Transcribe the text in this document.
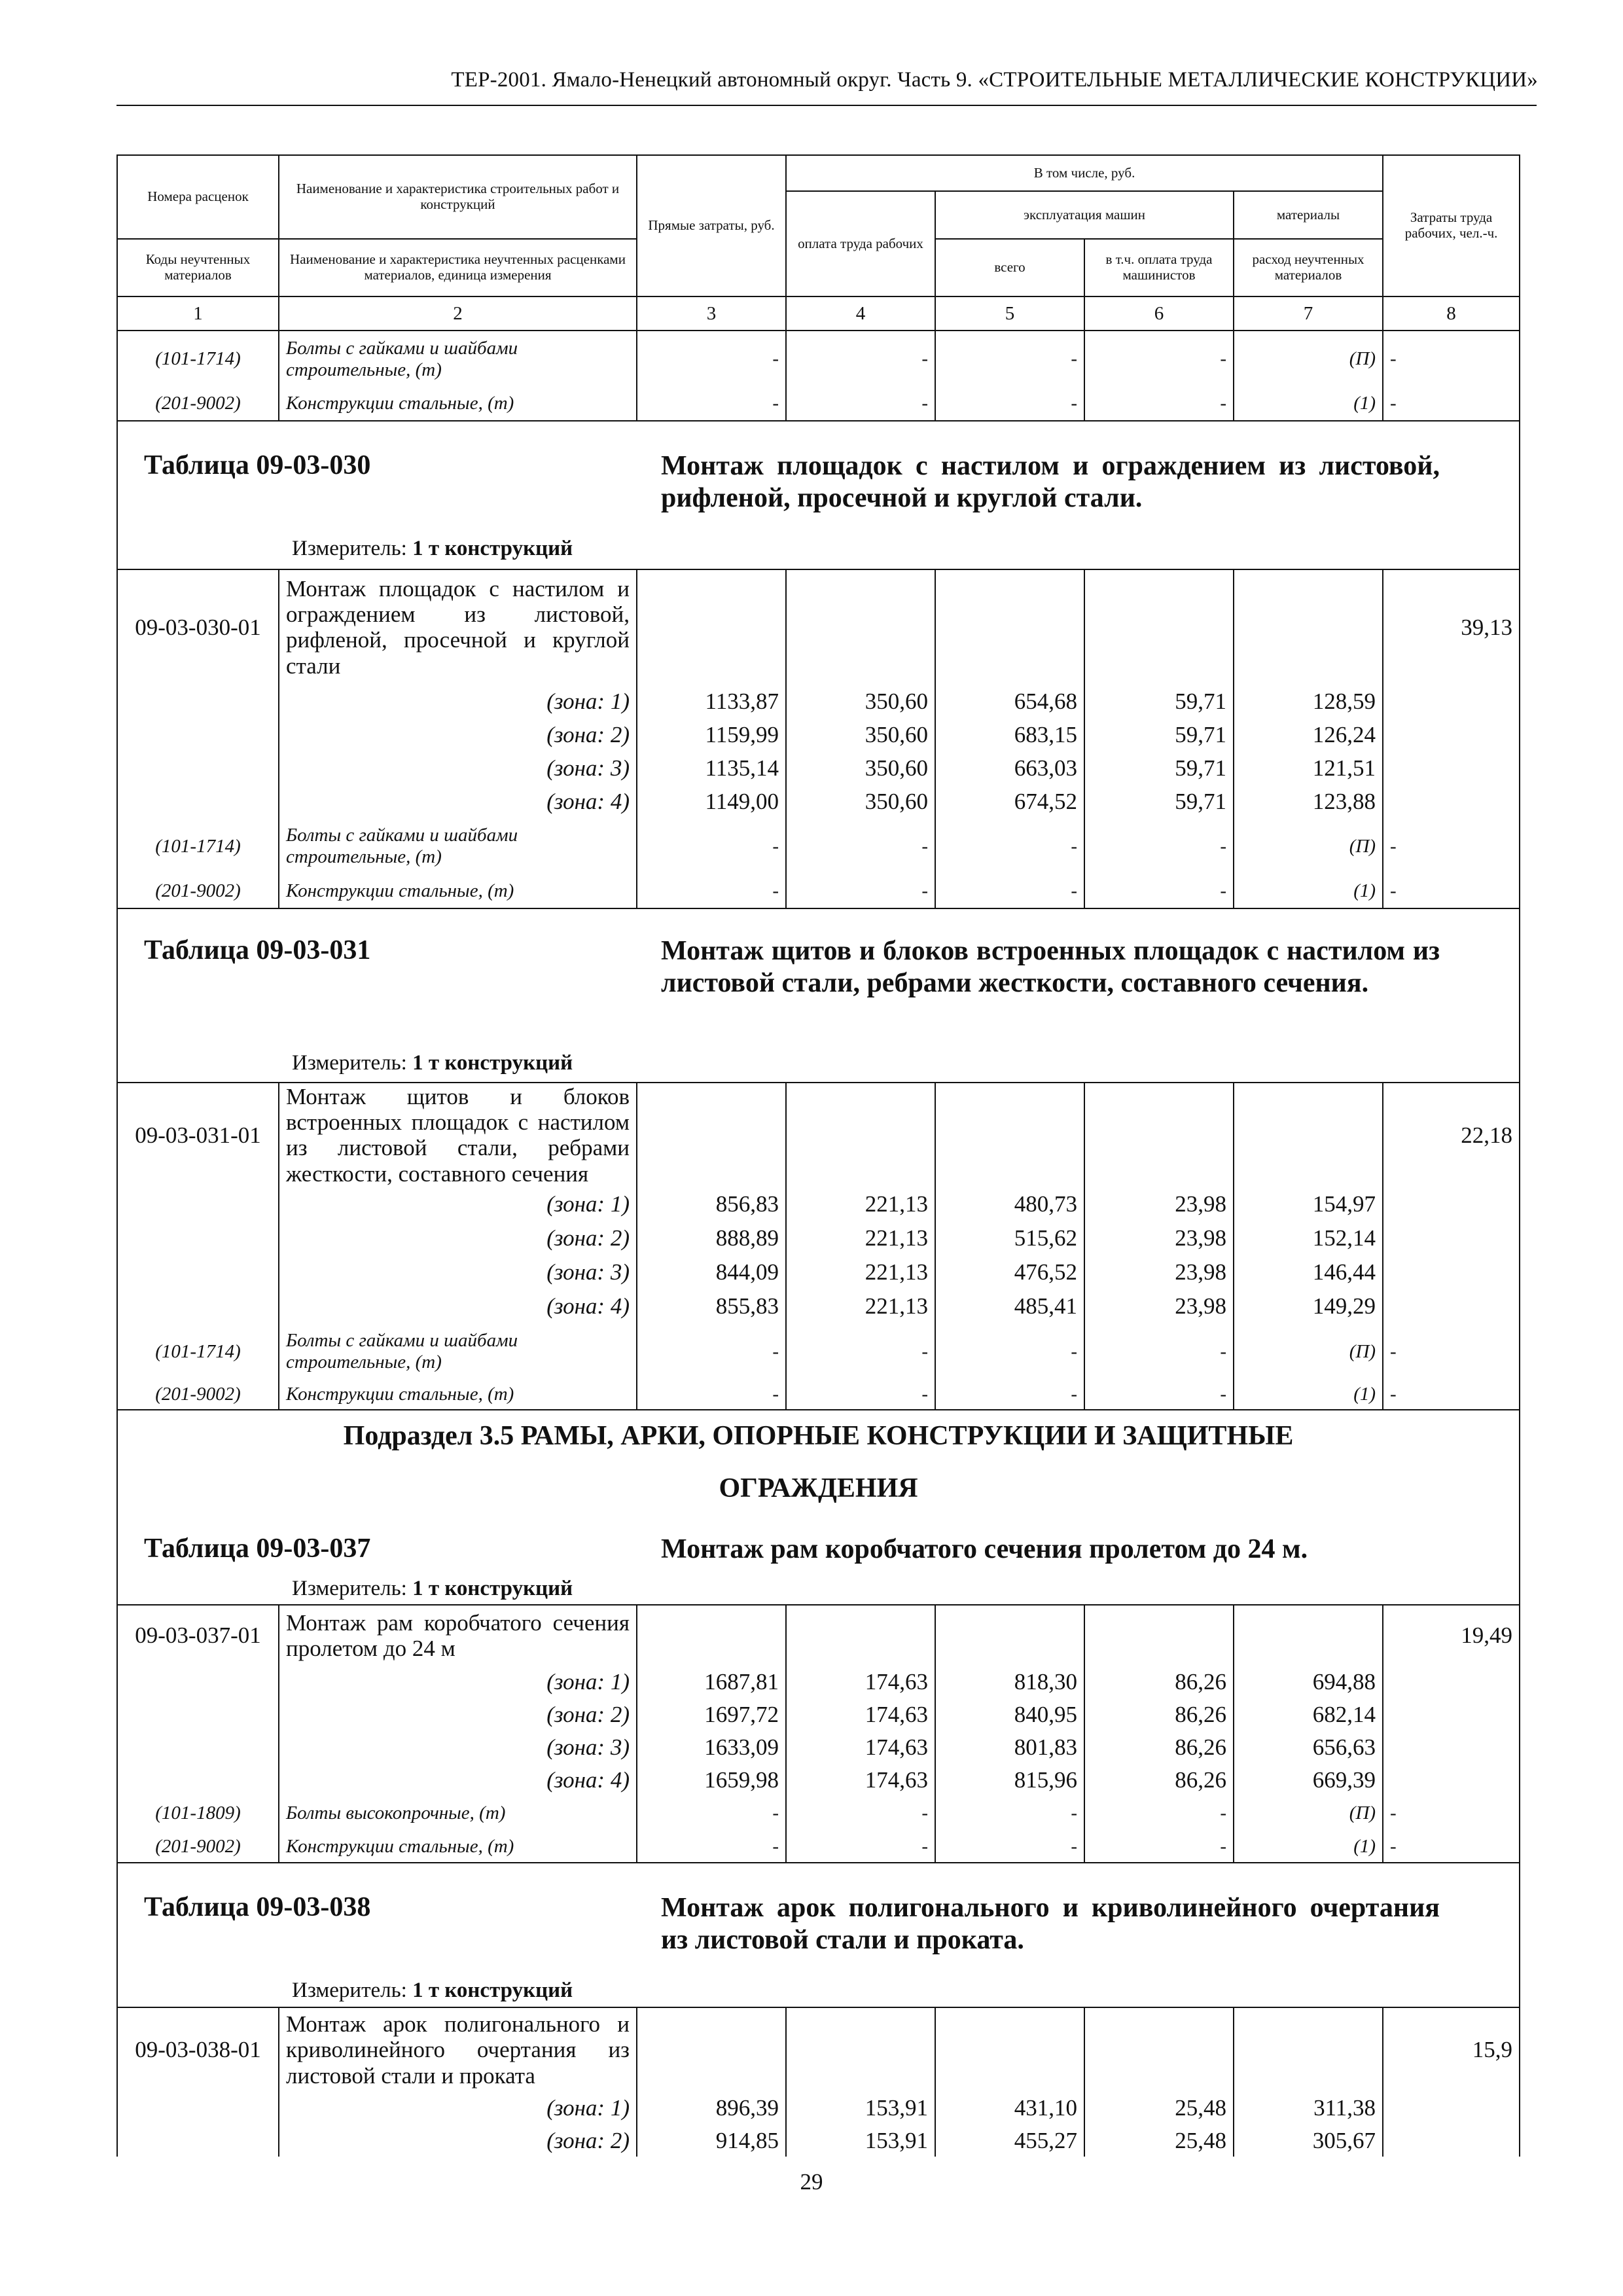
ТЕР-2001. Ямало-Ненецкий автономный округ. Часть 9. «СТРОИТЕЛЬНЫЕ МЕТАЛЛИЧЕСКИЕ КОНСТРУКЦИИ»
Номера расценок	Наименование и характеристика строительных работ и конструкций	Прямые затраты, руб.	В том числе, руб.				Затраты труда рабочих, чел.-ч.
			оплата труда рабочих	эксплуатация машин		материалы	
Коды неучтенных материалов	Наименование и характеристика неучтенных расценками материалов, единица измерения			всего	в т.ч. оплата труда машинистов	расход неучтенных материалов	
1	2	3	4	5	6	7	8
(101-1714)	Болты с гайками и шайбами строительные, (т)	-	-	-	-	(П)	-
(201-9002)	Конструкции стальные, (т)	-	-	-	-	(1)	-

Таблица 09-03-030 Монтаж площадок с настилом и ограждением из листовой, рифленой, просечной и круглой стали.
Измеритель: 1 т конструкций							

09-03-030-01	Монтаж площадок с настилом и ограждением из листовой, рифленой, просечной и круглой стали						39,13
	(зона: 1)	1133,87	350,60	654,68	59,71	128,59	
	(зона: 2)	1159,99	350,60	683,15	59,71	126,24	
	(зона: 3)	1135,14	350,60	663,03	59,71	121,51	
	(зона: 4)	1149,00	350,60	674,52	59,71	123,88	
(101-1714)	Болты с гайками и шайбами строительные, (т)	-	-	-	-	(П)	-
(201-9002)	Конструкции стальные, (т)	-	-	-	-	(1)	-

Таблица 09-03-031 Монтаж щитов и блоков встроенных площадок с настилом из листовой стали, ребрами жесткости, составного сечения.
Измеритель: 1 т конструкций							

09-03-031-01	Монтаж щитов и блоков встроенных площадок с настилом из листовой стали, ребрами жесткости, составного сечения						22,18
	(зона: 1)	856,83	221,13	480,73	23,98	154,97	
	(зона: 2)	888,89	221,13	515,62	23,98	152,14	
	(зона: 3)	844,09	221,13	476,52	23,98	146,44	
	(зона: 4)	855,83	221,13	485,41	23,98	149,29	
(101-1714)	Болты с гайками и шайбами строительные, (т)	-	-	-	-	(П)	-
(201-9002)	Конструкции стальные, (т)	-	-	-	-	(1)	-

Подраздел 3.5 РАМЫ, АРКИ, ОПОРНЫЕ КОНСТРУКЦИИ И ЗАЩИТНЫЕ
ОГРАЖДЕНИЯ
Таблица 09-03-037 Монтаж рам коробчатого сечения пролетом до 24 м.
Измеритель: 1 т конструкций							

09-03-037-01	Монтаж рам коробчатого сечения пролетом до 24 м						19,49
	(зона: 1)	1687,81	174,63	818,30	86,26	694,88	
	(зона: 2)	1697,72	174,63	840,95	86,26	682,14	
	(зона: 3)	1633,09	174,63	801,83	86,26	656,63	
	(зона: 4)	1659,98	174,63	815,96	86,26	669,39	
(101-1809)	Болты высокопрочные, (т)	-	-	-	-	(П)	-
(201-9002)	Конструкции стальные, (т)	-	-	-	-	(1)	-

Таблица 09-03-038 Монтаж арок полигонального и криволинейного очертания из листовой стали и проката.
Измеритель: 1 т конструкций							

09-03-038-01	Монтаж арок полигонального и криволинейного очертания из листовой стали и проката						15,9
	(зона: 1)	896,39	153,91	431,10	25,48	311,38	
	(зона: 2)	914,85	153,91	455,27	25,48	305,67	
29
